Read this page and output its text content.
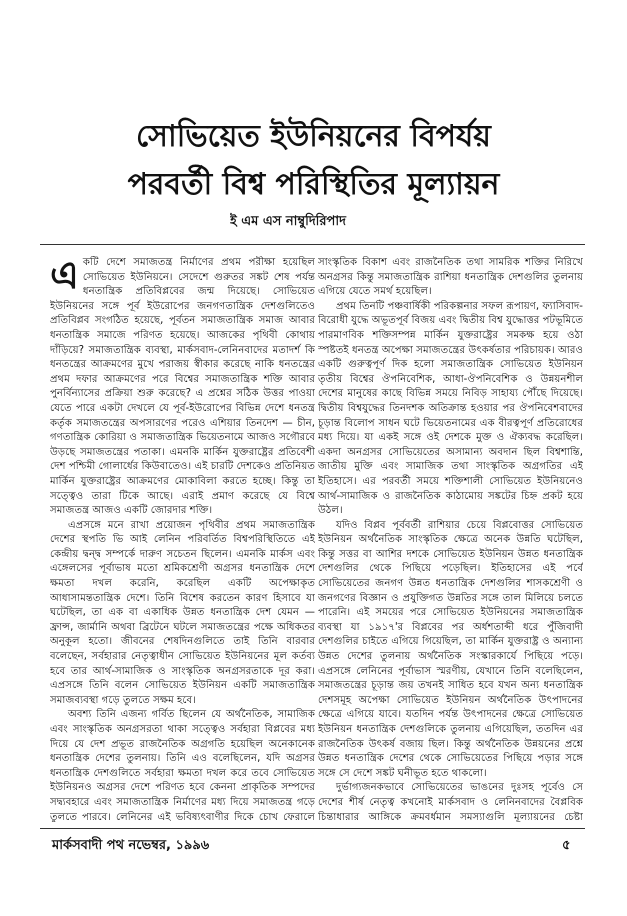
সোভিয়েত ইউনিয়নের বিপর্যয়
পরবর্তী বিশ্ব পরিস্থিতির মূল্যায়ন
ই এম এস নাম্বুদিরিপাদ

একটি দেশে সমাজতন্ত্র নির্মাণের প্রথম পরীক্ষা হয়েছিল সোভিয়েত ইউনিয়নে। সেদেশে গুরুতর সঙ্কট শেষ পর্যন্ত ধনতান্ত্রিক প্রতিবিপ্লবের জন্ম দিয়েছে। সোভিয়েত ইউনিয়নের সঙ্গে পূর্ব ইউরোপের জনগণতান্ত্রিক দেশগুলিতেও প্রতিবিপ্লব সংগঠিত হয়েছে, পূর্বতন সমাজতান্ত্রিক সমাজ আবার ধনতান্ত্রিক সমাজে পরিণত হয়েছে। আজকের পৃথিবী কোথায় দাঁড়িয়ে? সমাজতান্ত্রিক ব্যবস্থা, মার্কসবাদ-লেনিনবাদের মতাদর্শ কি ধনতন্ত্রের আক্রমণের মুখে পরাজয় স্বীকার করেছে নাকি ধনতন্ত্রের প্রথম দফার আক্রমণের পরে বিশ্বের সমাজতান্ত্রিক শক্তি আবার পুনর্বিন্যাসের প্রক্রিয়া শুরু করেছে? এ প্রশ্নের সঠিক উত্তর পাওয়া যেতে পারে একটা দেখলে যে পূর্ব-ইউরোপের বিভিন্ন দেশে ধনতন্ত্র কর্তৃক সমাজতন্ত্রের অপসারণের পরেও এশিয়ার তিনদেশ — চীন, গণতান্ত্রিক কোরিয়া ও সমাজতান্ত্রিক ভিয়েতনামে আজও সগৌরবে উড়ছে সমাজতন্ত্রের পতাকা। এমনকি মার্কিন যুক্তরাষ্ট্রের প্রতিবেশী দেশ পশ্চিমী গোলার্ধের কিউবাতেও। এই চারটি দেশকেও প্রতিনিয়ত মার্কিন যুক্তরাষ্ট্রের আক্রমণের মোকাবিলা করতে হচ্ছে। কিন্তু তা সত্ত্বেও তারা টিকে আছে। এরাই প্রমাণ করেছে যে বিশ্বে সমাজতন্ত্র আজও একটি জোরদার শক্তি।

এপ্রসঙ্গে মনে রাখা প্রয়োজন পৃথিবীর প্রথম সমাজতান্ত্রিক দেশের স্থপতি ভি আই লেনিন পরিবর্তিত বিশ্বপরিস্থিতিতে এই কেন্দ্রীয় দ্বন্দ্ব সম্পর্কে দারুণ সচেতন ছিলেন। এমনকি মার্কস এবং এঙ্গেলসের পূর্বাভাষ মতো শ্রমিকশ্রেণী অগ্রসর ধনতান্ত্রিক দেশে ক্ষমতা দখল করেনি, করেছিল একটি অপেক্ষাকৃত আধাসামন্ততান্ত্রিক দেশে। তিনি বিশেষ করতেন কারণ হিসাবে যা ঘটেছিল, তা এক বা একাধিক উন্নত ধনতান্ত্রিক দেশ যেমন — ফ্রান্স, জার্মানি অথবা ব্রিটেনে ঘটলে সমাজতন্ত্রের পক্ষে অধিকতর অনুকূল হতো। জীবনের শেষদিনগুলিতে তাই তিনি বারবার বলেছেন, সর্বহারার নেতৃত্বাধীন সোভিয়েত ইউনিয়নের মূল কর্তব্য হবে তার আর্থ-সামাজিক ও সাংস্কৃতিক অনগ্রসরতাকে দূর করা। এপ্রসঙ্গে তিনি বলেন সোভিয়েত ইউনিয়ন একটি সমাজতান্ত্রিক সমাজব্যবস্থা গড়ে তুলতে সক্ষম হবে।

অবশ্য তিনি এজন্য গর্বিত ছিলেন যে অর্থনৈতিক, সামাজিক এবং সাংস্কৃতিক অনগ্রসরতা থাকা সত্ত্বেও সর্বহারা বিপ্লবের মধ্য দিয়ে যে দেশ প্রভূত রাজনৈতিক অগ্রগতি হয়েছিল অনেকানেক ধনতান্ত্রিক দেশের তুলনায়। তিনি এও বলেছিলেন, যদি অগ্রসর ধনতান্ত্রিক দেশগুলিতে সর্বহারা ক্ষমতা দখল করে তবে সোভিয়েত ইউনিয়নও অগ্রসর দেশে পরিণত হবে কেননা প্রাকৃতিক সম্পদের সদ্ব্যবহারে এবং সমাজতান্ত্রিক নির্মাণের মধ্য দিয়ে সমাজতন্ত্র গড়ে তুলতে পারবে। লেনিনের এই ভবিষ্যৎবাণীর দিকে চোখ ফেরালে

সাংস্কৃতিক বিকাশ এবং রাজনৈতিক তথা সামরিক শক্তির নিরিখে অনগ্রসর কিন্তু সমাজতান্ত্রিক রাশিয়া ধনতান্ত্রিক দেশগুলির তুলনায় এগিয়ে যেতে সমর্থ হয়েছিল।

প্রথম তিনটি পঞ্চবার্ষিকী পরিকল্পনার সফল রূপায়ণ, ফ্যাসিবাদ-বিরোধী যুদ্ধে অভূতপূর্ব বিজয় এবং দ্বিতীয় বিশ্ব যুদ্ধোত্তর পটভূমিতে পারমাণবিক শক্তিসম্পন্ন মার্কিন যুক্তরাষ্ট্রের সমকক্ষ হয়ে ওঠা স্পষ্টতই ধনতন্ত্র অপেক্ষা সমাজতন্ত্রের উৎকর্ষতার পরিচায়ক। আরও একটি গুরুত্বপূর্ণ দিক হলো সমাজতান্ত্রিক সোভিয়েত ইউনিয়ন তৃতীয় বিশ্বের ঔপনিবেশিক, আধা-ঔপনিবেশিক ও উন্নয়নশীল দেশের মানুষের কাছে বিভিন্ন সময়ে নিবিড় সাহায্য পৌঁছে দিয়েছে। দ্বিতীয় বিশ্বযুদ্ধের তিনদশক অতিক্রান্ত হওয়ার পর ঔপনিবেশবাদের চূড়ান্ত বিলোপ সাধন ঘটে ভিয়েতনামের এক বীরত্বপূর্ণ প্রতিরোধের মধ্য দিয়ে। যা একই সঙ্গে ওই দেশকে মুক্ত ও ঐক্যবদ্ধ করেছিল। একদা অনগ্রসর সোভিয়েতের অসামান্য অবদান ছিল বিশ্বশান্তি, জাতীয় মুক্তি এবং সামাজিক তথা সাংস্কৃতিক অগ্রগতির এই ইতিহাসে। এর পরবর্তী সময়ে শক্তিশালী সোভিয়েত ইউনিয়নেও আর্থ-সামাজিক ও রাজনৈতিক কাঠামোয় সঙ্কটের চিহ্ন প্রকট হয়ে উঠল।

যদিও বিপ্লব পূর্ববর্তী রাশিয়ার চেয়ে বিপ্লবোত্তর সোভিয়েত ইউনিয়ন অর্থনৈতিক সাংস্কৃতিক ক্ষেত্রে অনেক উন্নতি ঘটেছিল, কিন্তু সত্তর বা আশির দশকে সোভিয়েত ইউনিয়ন উন্নত ধনতান্ত্রিক দেশগুলির থেকে পিছিয়ে পড়েছিল। ইতিহাসের এই পর্বে সোভিয়েতের জনগণ উন্নত ধনতান্ত্রিক দেশগুলির শাসকশ্রেণী ও জনগণের বিজ্ঞান ও প্রযুক্তিগত উন্নতির সঙ্গে তাল মিলিয়ে চলতে পারেনি। এই সময়ের পরে সোভিয়েত ইউনিয়নের সমাজতান্ত্রিক ব্যবস্থা যা ১৯১৭'র বিপ্লবের পর অর্ধশতাব্দী ধরে পুঁজিবাদী দেশগুলির চাইতে এগিয়ে গিয়েছিল, তা মার্কিন যুক্তরাষ্ট্র ও অন্যান্য উন্নত দেশের তুলনায় অর্থনৈতিক সংস্কারকার্যে পিছিয়ে পড়ে। এপ্রসঙ্গে লেনিনের পূর্বাভাস স্মরণীয়, যেখানে তিনি বলেছিলেন, সমাজতন্ত্রের চূড়ান্ত জয় তখনই সাধিত হবে যখন অন্য ধনতান্ত্রিক দেশসমূহ অপেক্ষা সোভিয়েত ইউনিয়ন অর্থনৈতিক উৎপাদনের ক্ষেত্রে এগিয়ে যাবে। যতদিন পর্যন্ত উৎপাদনের ক্ষেত্রে সোভিয়েত ইউনিয়ন ধনতান্ত্রিক দেশগুলিকে তুলনায় এগিয়েছিল, ততদিন এর রাজনৈতিক উৎকর্ষ বজায় ছিল। কিন্তু অর্থনৈতিক উন্নয়নের প্রশ্নে উন্নত ধনতান্ত্রিক দেশের থেকে সোভিয়েতের পিছিয়ে পড়ার সঙ্গে সঙ্গে সে দেশে সঙ্কট ঘনীভূত হতে থাকলো।

দুর্ভাগ্যজনকভাবে সোভিয়েতের ভাঙনের দুঃসহ পূর্বেও সে দেশের শীর্ষ নেতৃত্ব কখনোই মার্কসবাদ ও লেনিনবাদের বৈপ্লবিক চিন্তাধারার আঙ্গিকে ক্রমবর্ধমান সমস্যাগুলি মূল্যায়নের চেষ্টা

মার্কসবাদী পথ নভেম্বর, ১৯৯৬	৫
